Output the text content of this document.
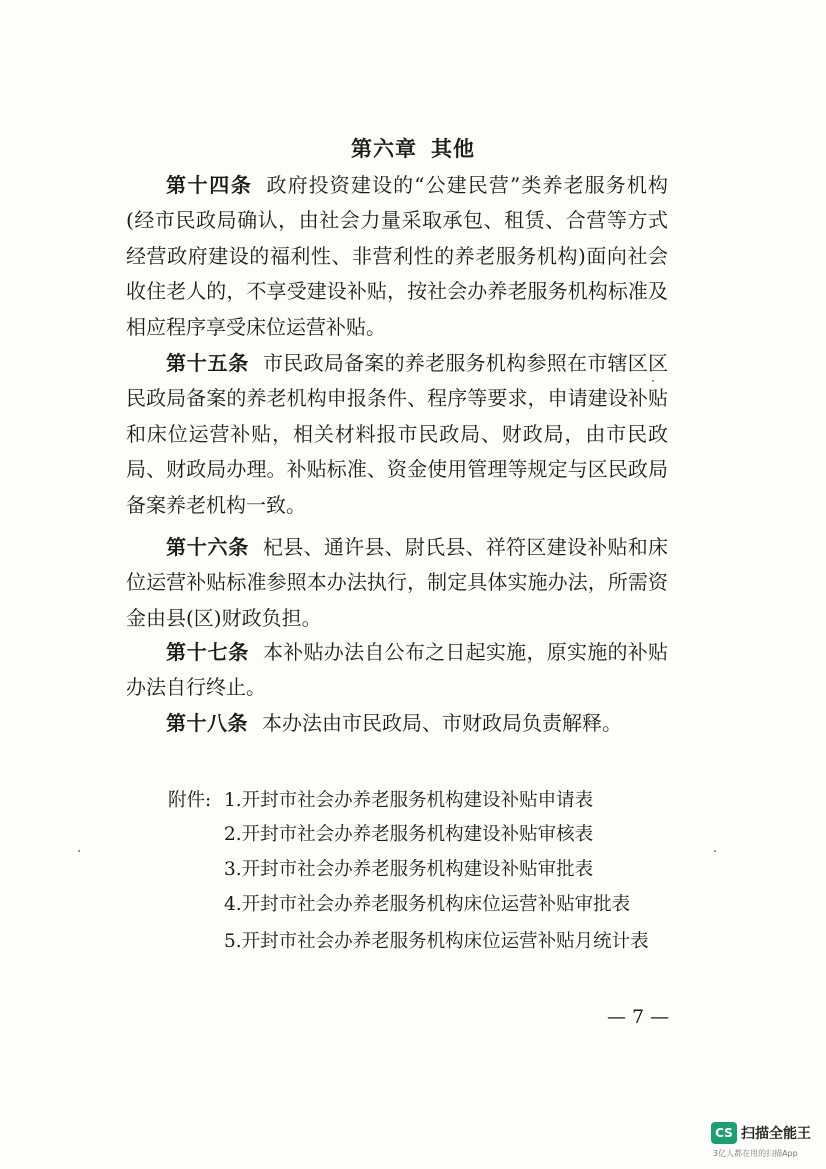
第六章 其他

第十四条 政府投资建设的“公建民营”类养老服务机构(经市民政局确认，由社会力量采取承包、租赁、合营等方式经营政府建设的福利性、非营利性的养老服务机构)面向社会收住老人的，不享受建设补贴，按社会办养老服务机构标准及相应程序享受床位运营补贴。

第十五条 市民政局备案的养老服务机构参照在市辖区区民政局备案的养老机构申报条件、程序等要求，申请建设补贴和床位运营补贴，相关材料报市民政局、财政局，由市民政局、财政局办理。补贴标准、资金使用管理等规定与区民政局备案养老机构一致。

第十六条 杞县、通许县、尉氏县、祥符区建设补贴和床位运营补贴标准参照本办法执行，制定具体实施办法，所需资金由县(区)财政负担。

第十七条 本补贴办法自公布之日起实施，原实施的补贴办法自行终止。

第十八条 本办法由市民政局、市财政局负责解释。

附件: 1.开封市社会办养老服务机构建设补贴申请表
2.开封市社会办养老服务机构建设补贴审核表
3.开封市社会办养老服务机构建设补贴审批表
4.开封市社会办养老服务机构床位运营补贴审批表
5.开封市社会办养老服务机构床位运营补贴月统计表
— 7 —
CS 扫描全能王
3亿人都在用的扫描App
